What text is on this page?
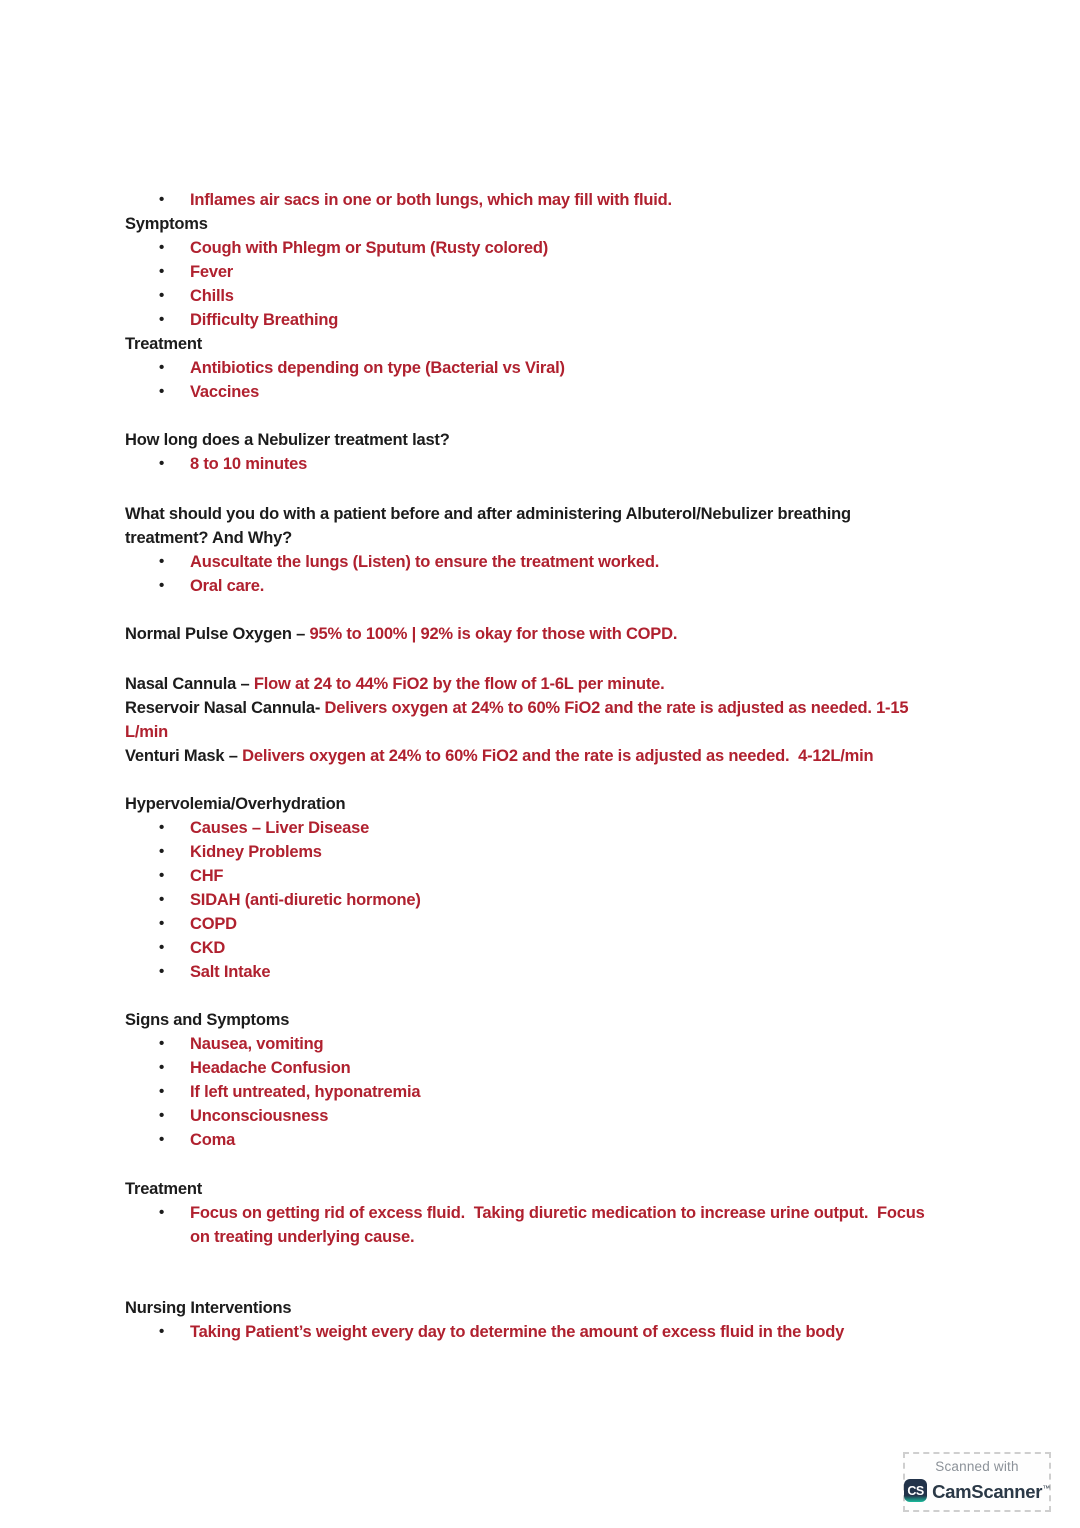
•	Inflames air sacs in one or both lungs, which may fill with fluid.
Symptoms
•	Cough with Phlegm or Sputum (Rusty colored)
•	Fever
•	Chills
•	Difficulty Breathing
Treatment
•	Antibiotics depending on type (Bacterial vs Viral)
•	Vaccines
How long does a Nebulizer treatment last?
•	8 to 10 minutes
What should you do with a patient before and after administering Albuterol/Nebulizer breathing
treatment? And Why?
•	Auscultate the lungs (Listen) to ensure the treatment worked.
•	Oral care.
Normal Pulse Oxygen – 95% to 100% | 92% is okay for those with COPD.
Nasal Cannula – Flow at 24 to 44% FiO2 by the flow of 1-6L per minute.
Reservoir Nasal Cannula- Delivers oxygen at 24% to 60% FiO2 and the rate is adjusted as needed. 1-15
L/min
Venturi Mask – Delivers oxygen at 24% to 60% FiO2 and the rate is adjusted as needed.  4-12L/min
Hypervolemia/Overhydration
•	Causes – Liver Disease
•	Kidney Problems
•	CHF
•	SIDAH (anti-diuretic hormone)
•	COPD
•	CKD
•	Salt Intake
Signs and Symptoms
•	Nausea, vomiting
•	Headache Confusion
•	If left untreated, hyponatremia
•	Unconsciousness
•	Coma
Treatment
•	Focus on getting rid of excess fluid.  Taking diuretic medication to increase urine output.  Focus
on treating underlying cause.
Nursing Interventions
•	Taking Patient’s weight every day to determine the amount of excess fluid in the body
Scanned with
CS CamScanner™
